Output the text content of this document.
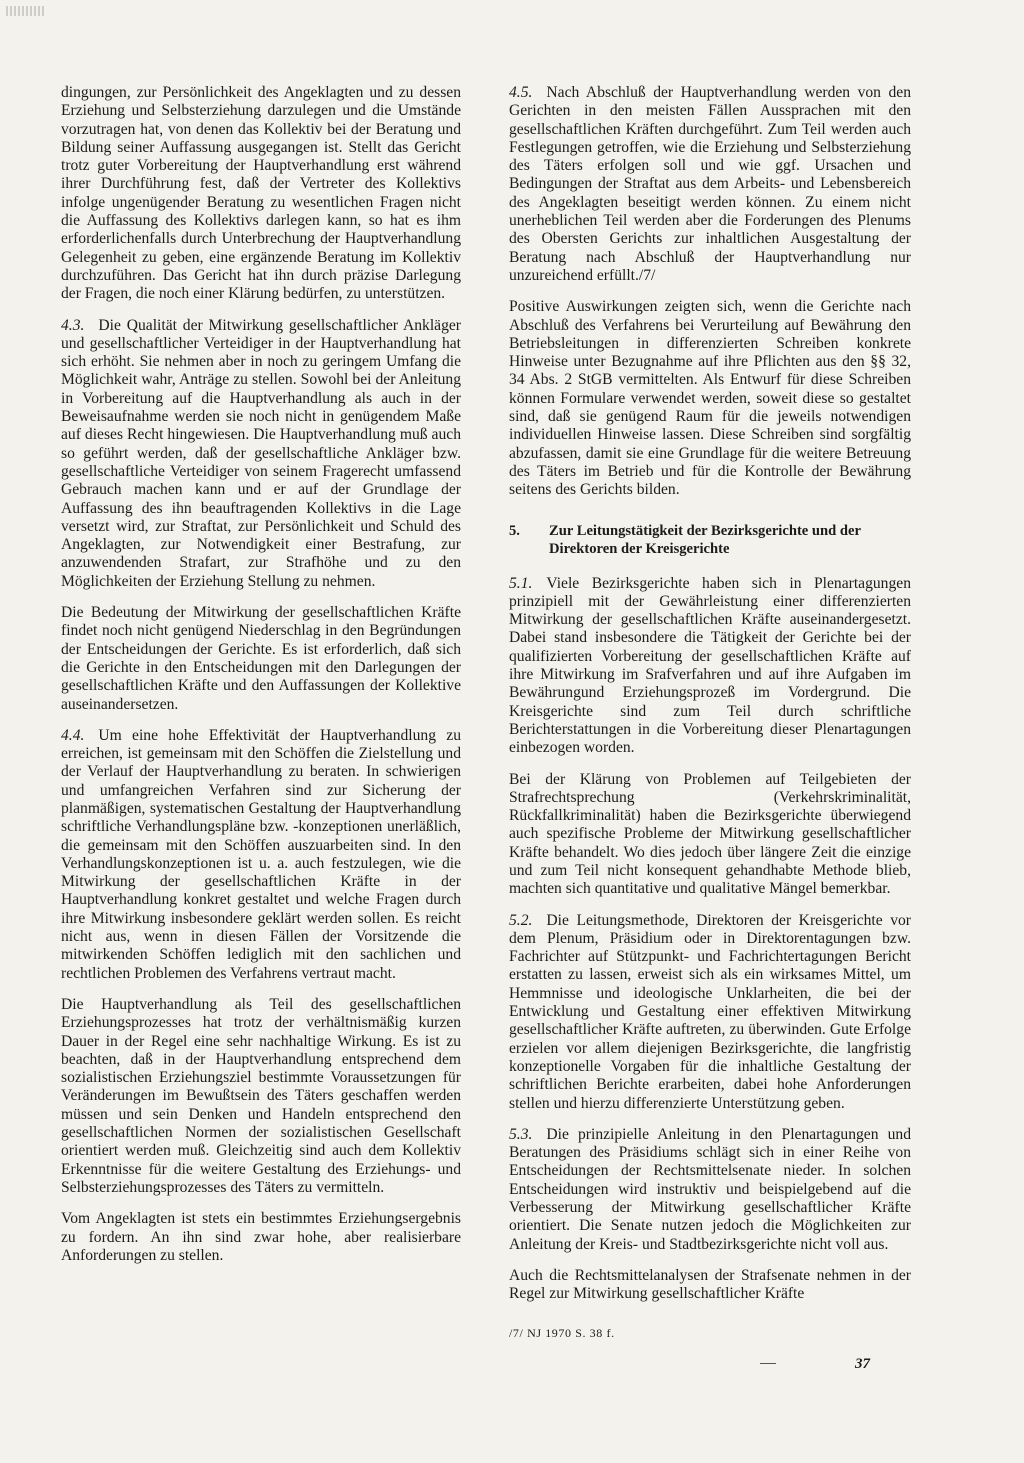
dingungen, zur Persönlichkeit des Angeklagten und zu dessen Erziehung und Selbsterziehung darzulegen und die Umstände vorzutragen hat, von denen das Kollektiv bei der Beratung und Bildung seiner Auffassung ausgegangen ist. Stellt das Gericht trotz guter Vorbereitung der Hauptverhandlung erst während ihrer Durchführung fest, daß der Vertreter des Kollektivs infolge ungenügender Beratung zu wesentlichen Fragen nicht die Auffassung des Kollektivs darlegen kann, so hat es ihm erforderlichenfalls durch Unterbrechung der Hauptverhandlung Gelegenheit zu geben, eine ergänzende Beratung im Kollektiv durchzuführen. Das Gericht hat ihn durch präzise Darlegung der Fragen, die noch einer Klärung bedürfen, zu unterstützen.

4.3. Die Qualität der Mitwirkung gesellschaftlicher Ankläger und gesellschaftlicher Verteidiger in der Hauptverhandlung hat sich erhöht. Sie nehmen aber in noch zu geringem Umfang die Möglichkeit wahr, Anträge zu stellen. Sowohl bei der Anleitung in Vorbereitung auf die Hauptverhandlung als auch in der Beweisaufnahme werden sie noch nicht in genügendem Maße auf dieses Recht hingewiesen. Die Hauptverhandlung muß auch so geführt werden, daß der gesellschaftliche Ankläger bzw. gesellschaftliche Verteidiger von seinem Fragerecht umfassend Gebrauch machen kann und er auf der Grundlage der Auffassung des ihn beauftragenden Kollektivs in die Lage versetzt wird, zur Straftat, zur Persönlichkeit und Schuld des Angeklagten, zur Notwendigkeit einer Bestrafung, zur anzuwendenden Strafart, zur Strafhöhe und zu den Möglichkeiten der Erziehung Stellung zu nehmen.

Die Bedeutung der Mitwirkung der gesellschaftlichen Kräfte findet noch nicht genügend Niederschlag in den Begründungen der Entscheidungen der Gerichte. Es ist erforderlich, daß sich die Gerichte in den Entscheidungen mit den Darlegungen der gesellschaftlichen Kräfte und den Auffassungen der Kollektive auseinandersetzen.

4.4. Um eine hohe Effektivität der Hauptverhandlung zu erreichen, ist gemeinsam mit den Schöffen die Zielstellung und der Verlauf der Hauptverhandlung zu beraten. In schwierigen und umfangreichen Verfahren sind zur Sicherung der planmäßigen, systematischen Gestaltung der Hauptverhandlung schriftliche Verhandlungspläne bzw. -konzeptionen unerläßlich, die gemeinsam mit den Schöffen auszuarbeiten sind. In den Verhandlungskonzeptionen ist u. a. auch festzulegen, wie die Mitwirkung der gesellschaftlichen Kräfte in der Hauptverhandlung konkret gestaltet und welche Fragen durch ihre Mitwirkung insbesondere geklärt werden sollen. Es reicht nicht aus, wenn in diesen Fällen der Vorsitzende die mitwirkenden Schöffen lediglich mit den sachlichen und rechtlichen Problemen des Verfahrens vertraut macht.

Die Hauptverhandlung als Teil des gesellschaftlichen Erziehungsprozesses hat trotz der verhältnismäßig kurzen Dauer in der Regel eine sehr nachhaltige Wirkung. Es ist zu beachten, daß in der Hauptverhandlung entsprechend dem sozialistischen Erziehungsziel bestimmte Voraussetzungen für Veränderungen im Bewußtsein des Täters geschaffen werden müssen und sein Denken und Handeln entsprechend den gesellschaftlichen Normen der sozialistischen Gesellschaft orientiert werden muß. Gleichzeitig sind auch dem Kollektiv Erkenntnisse für die weitere Gestaltung des Erziehungs- und Selbsterziehungsprozesses des Täters zu vermitteln.

Vom Angeklagten ist stets ein bestimmtes Erziehungsergebnis zu fordern. An ihn sind zwar hohe, aber realisierbare Anforderungen zu stellen.

4.5. Nach Abschluß der Hauptverhandlung werden von den Gerichten in den meisten Fällen Aussprachen mit den gesellschaftlichen Kräften durchgeführt. Zum Teil werden auch Festlegungen getroffen, wie die Erziehung und Selbsterziehung des Täters erfolgen soll und wie ggf. Ursachen und Bedingungen der Straftat aus dem Arbeits- und Lebensbereich des Angeklagten beseitigt werden können. Zu einem nicht unerheblichen Teil werden aber die Forderungen des Plenums des Obersten Gerichts zur inhaltlichen Ausgestaltung der Beratung nach Abschluß der Hauptverhandlung nur unzureichend erfüllt./7/

Positive Auswirkungen zeigten sich, wenn die Gerichte nach Abschluß des Verfahrens bei Verurteilung auf Bewährung den Betriebsleitungen in differenzierten Schreiben konkrete Hinweise unter Bezugnahme auf ihre Pflichten aus den §§ 32, 34 Abs. 2 StGB vermittelten. Als Entwurf für diese Schreiben können Formulare verwendet werden, soweit diese so gestaltet sind, daß sie genügend Raum für die jeweils notwendigen individuellen Hinweise lassen. Diese Schreiben sind sorgfältig abzufassen, damit sie eine Grundlage für die weitere Betreuung des Täters im Betrieb und für die Kontrolle der Bewährung seitens des Gerichts bilden.

5.	Zur Leitungstätigkeit der Bezirksgerichte und der Direktoren der Kreisgerichte

5.1. Viele Bezirksgerichte haben sich in Plenartagungen prinzipiell mit der Gewährleistung einer differenzierten Mitwirkung der gesellschaftlichen Kräfte auseinandergesetzt. Dabei stand insbesondere die Tätigkeit der Gerichte bei der qualifizierten Vorbereitung der gesellschaftlichen Kräfte auf ihre Mitwirkung im Srafverfahren und auf ihre Aufgaben im Bewährungund Erziehungsprozeß im Vordergrund. Die Kreisgerichte sind zum Teil durch schriftliche Berichterstattungen in die Vorbereitung dieser Plenartagungen einbezogen worden.

Bei der Klärung von Problemen auf Teilgebieten der Strafrechtsprechung (Verkehrskriminalität, Rückfallkriminalität) haben die Bezirksgerichte überwiegend auch spezifische Probleme der Mitwirkung gesellschaftlicher Kräfte behandelt. Wo dies jedoch über längere Zeit die einzige und zum Teil nicht konsequent gehandhabte Methode blieb, machten sich quantitative und qualitative Mängel bemerkbar.

5.2. Die Leitungsmethode, Direktoren der Kreisgerichte vor dem Plenum, Präsidium oder in Direktorentagungen bzw. Fachrichter auf Stützpunkt- und Fachrichtertagungen Bericht erstatten zu lassen, erweist sich als ein wirksames Mittel, um Hemmnisse und ideologische Unklarheiten, die bei der Entwicklung und Gestaltung einer effektiven Mitwirkung gesellschaftlicher Kräfte auftreten, zu überwinden. Gute Erfolge erzielen vor allem diejenigen Bezirksgerichte, die langfristig konzeptionelle Vorgaben für die inhaltliche Gestaltung der schriftlichen Berichte erarbeiten, dabei hohe Anforderungen stellen und hierzu differenzierte Unterstützung geben.

5.3. Die prinzipielle Anleitung in den Plenartagungen und Beratungen des Präsidiums schlägt sich in einer Reihe von Entscheidungen der Rechtsmittelsenate nieder. In solchen Entscheidungen wird instruktiv und beispielgebend auf die Verbesserung der Mitwirkung gesellschaftlicher Kräfte orientiert. Die Senate nutzen jedoch die Möglichkeiten zur Anleitung der Kreis- und Stadtbezirksgerichte nicht voll aus.

Auch die Rechtsmittelanalysen der Strafsenate nehmen in der Regel zur Mitwirkung gesellschaftlicher Kräfte

/7/ NJ 1970 S. 38 f.
37
